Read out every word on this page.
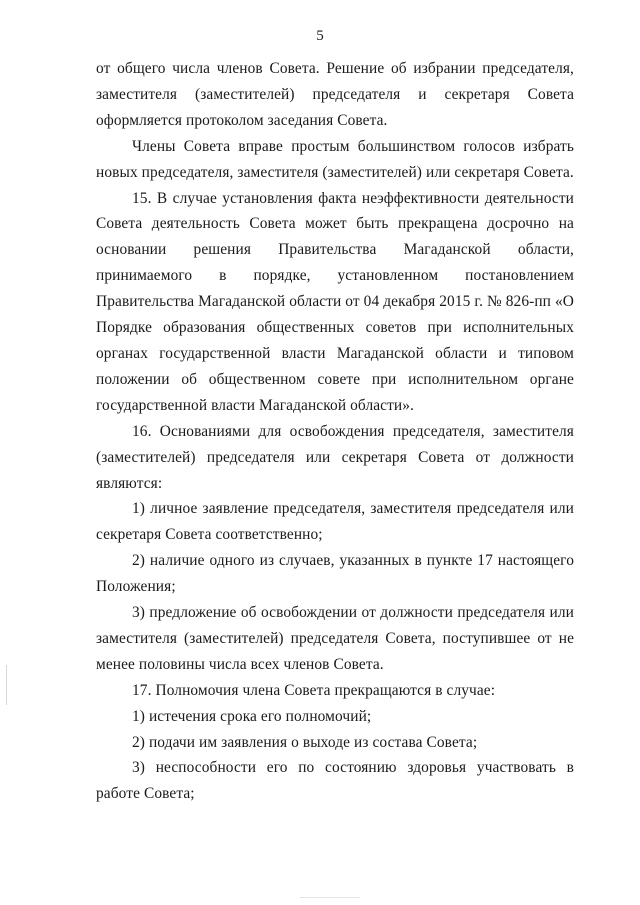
5

от общего числа членов Совета. Решение об избрании председателя, заместителя (заместителей) председателя и секретаря Совета оформляется протоколом заседания Совета.

Члены Совета вправе простым большинством голосов избрать новых председателя, заместителя (заместителей) или секретаря Совета.

15. В случае установления факта неэффективности деятельности Совета деятельность Совета может быть прекращена досрочно на основании решения Правительства Магаданской области, принимаемого в порядке, установленном постановлением Правительства Магаданской области от 04 декабря 2015 г. № 826-пп «О Порядке образования общественных советов при исполнительных органах государственной власти Магаданской области и типовом положении об общественном совете при исполнительном органе государственной власти Магаданской области».

16. Основаниями для освобождения председателя, заместителя (заместителей) председателя или секретаря Совета от должности являются:

1) личное заявление председателя, заместителя председателя или секретаря Совета соответственно;

2) наличие одного из случаев, указанных в пункте 17 настоящего Положения;

3) предложение об освобождении от должности председателя или заместителя (заместителей) председателя Совета, поступившее от не менее половины числа всех членов Совета.

17. Полномочия члена Совета прекращаются в случае:

1) истечения срока его полномочий;

2) подачи им заявления о выходе из состава Совета;

3) неспособности его по состоянию здоровья участвовать в работе Совета;
